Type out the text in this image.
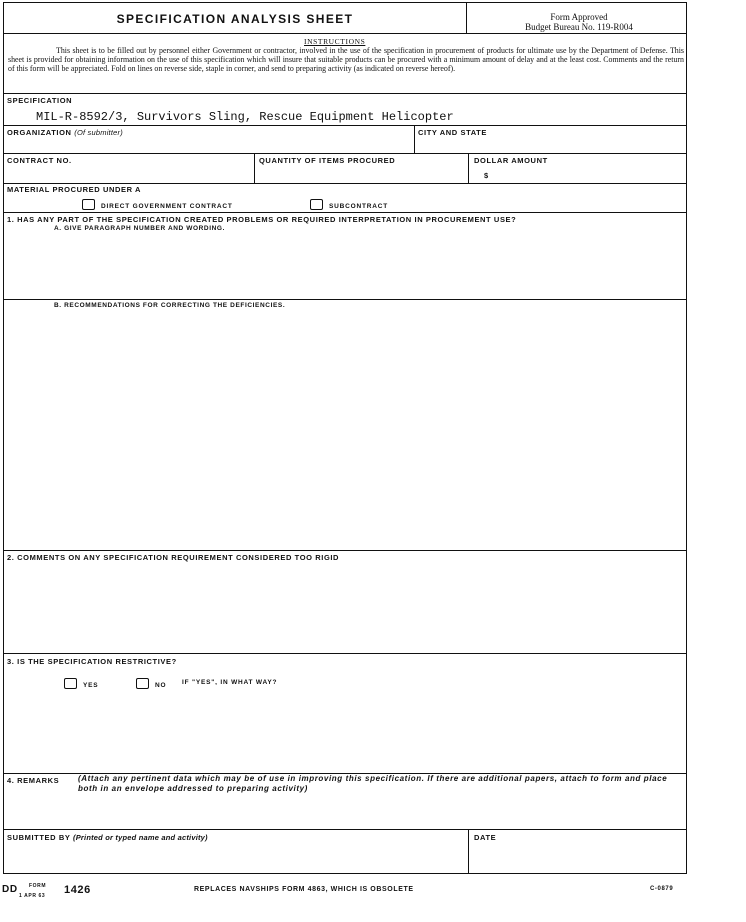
SPECIFICATION ANALYSIS SHEET	Form Approved
Budget Bureau No. 119-R004
INSTRUCTIONS

This sheet is to be filled out by personnel either Government or contractor, involved in the use of the specification in procurement of products for ultimate use by the Department of Defense. This sheet is provided for obtaining information on the use of this specification which will insure that suitable products can be procured with a minimum amount of delay and at the least cost. Comments and the return of this form will be appreciated. Fold on lines on reverse side, staple in corner, and send to preparing activity (as indicated on reverse hereof).

SPECIFICATION
MIL-R-8592/3, Survivors Sling, Rescue Equipment Helicopter
ORGANIZATION (Of submitter)	CITY AND STATE
CONTRACT NO.	QUANTITY OF ITEMS PROCURED	DOLLAR AMOUNT
$
MATERIAL PROCURED UNDER A
DIRECT GOVERNMENT CONTRACT	SUBCONTRACT
1. HAS ANY PART OF THE SPECIFICATION CREATED PROBLEMS OR REQUIRED INTERPRETATION IN PROCUREMENT USE?
A. GIVE PARAGRAPH NUMBER AND WORDING.
B. RECOMMENDATIONS FOR CORRECTING THE DEFICIENCIES.
2. COMMENTS ON ANY SPECIFICATION REQUIREMENT CONSIDERED TOO RIGID
3. IS THE SPECIFICATION RESTRICTIVE?
YES	NO IF "YES", IN WHAT WAY?
4. REMARKS (Attach any pertinent data which may be of use in improving this specification. If there are additional papers, attach to form and place both in an envelope addressed to preparing activity)
SUBMITTED BY (Printed or typed name and activity)	DATE
DD FORM
1 APR 63 1426	REPLACES NAVSHIPS FORM 4863, WHICH IS OBSOLETE	C-0879
